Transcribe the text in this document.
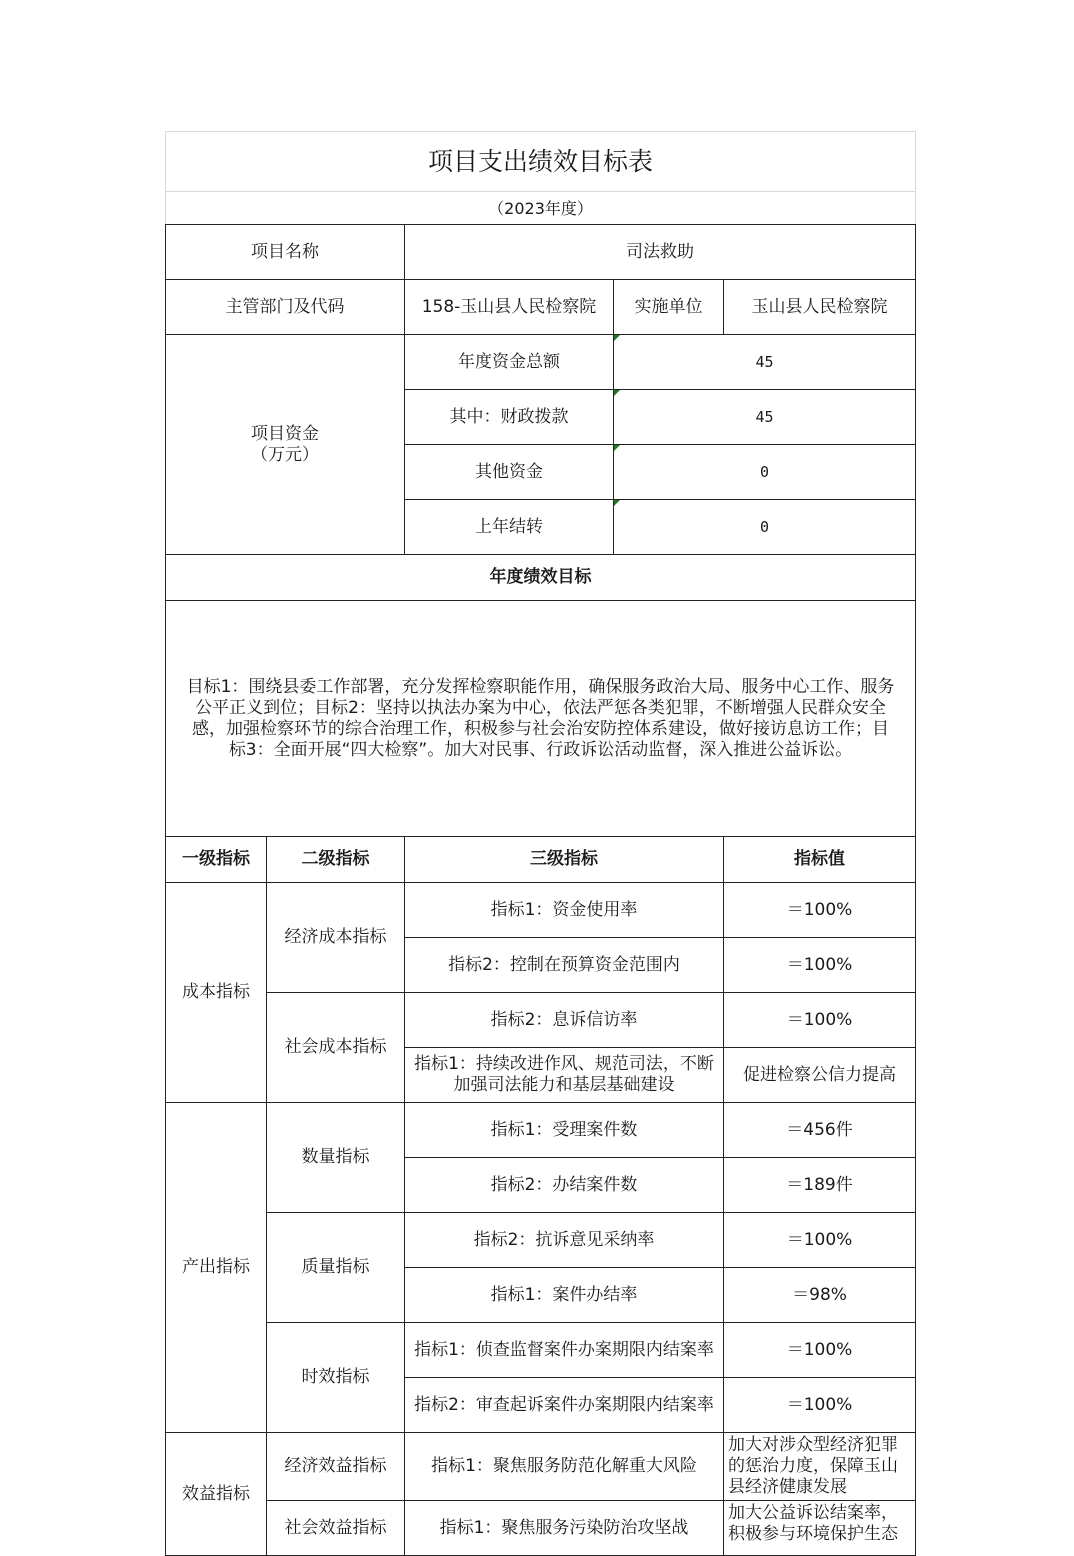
项目支出绩效目标表				
（2023年度）				
项目名称		司法救助		
主管部门及代码		158-玉山县人民检察院	实施单位	玉山县人民检察院

项目资金
（万元）		年度资金总额	45	
		其中：财政拨款	45	
		其他资金	0	
		上年结转	0	
年度绩效目标				

目标1：围绕县委工作部署，充分发挥检察职能作用，确保服务政治大局、服务中心工作、服务
公平正义到位；目标2：坚持以执法办案为中心，依法严惩各类犯罪，不断增强人民群众安全
感，加强检察环节的综合治理工作，积极参与社会治安防控体系建设，做好接访息访工作；目
标3：全面开展“四大检察”。加大对民事、行政诉讼活动监督，深入推进公益诉讼。				

一级指标	二级指标	三级指标		指标值
成本指标	经济成本指标	指标1：资金使用率		＝100%
		指标2：控制在预算资金范围内		＝100%
	社会成本指标	指标2：息诉信访率		＝100%

		指标1：持续改进作风、规范司法，不断
加强司法能力和基层基础建设		促进检察公信力提高
产出指标	数量指标	指标1：受理案件数		＝456件
		指标2：办结案件数		＝189件
	质量指标	指标2：抗诉意见采纳率		＝100%
		指标1：案件办结率		＝98%
	时效指标	指标1：侦查监督案件办案期限内结案率		＝100%
		指标2：审查起诉案件办案期限内结案率		＝100%
效益指标	经济效益指标	指标1：聚焦服务防范化解重大风险		加大对涉众型经济犯罪
的惩治力度，保障玉山
县经济健康发展

	社会效益指标	指标1：聚焦服务污染防治攻坚战		加大公益诉讼结案率，
积极参与环境保护生态
